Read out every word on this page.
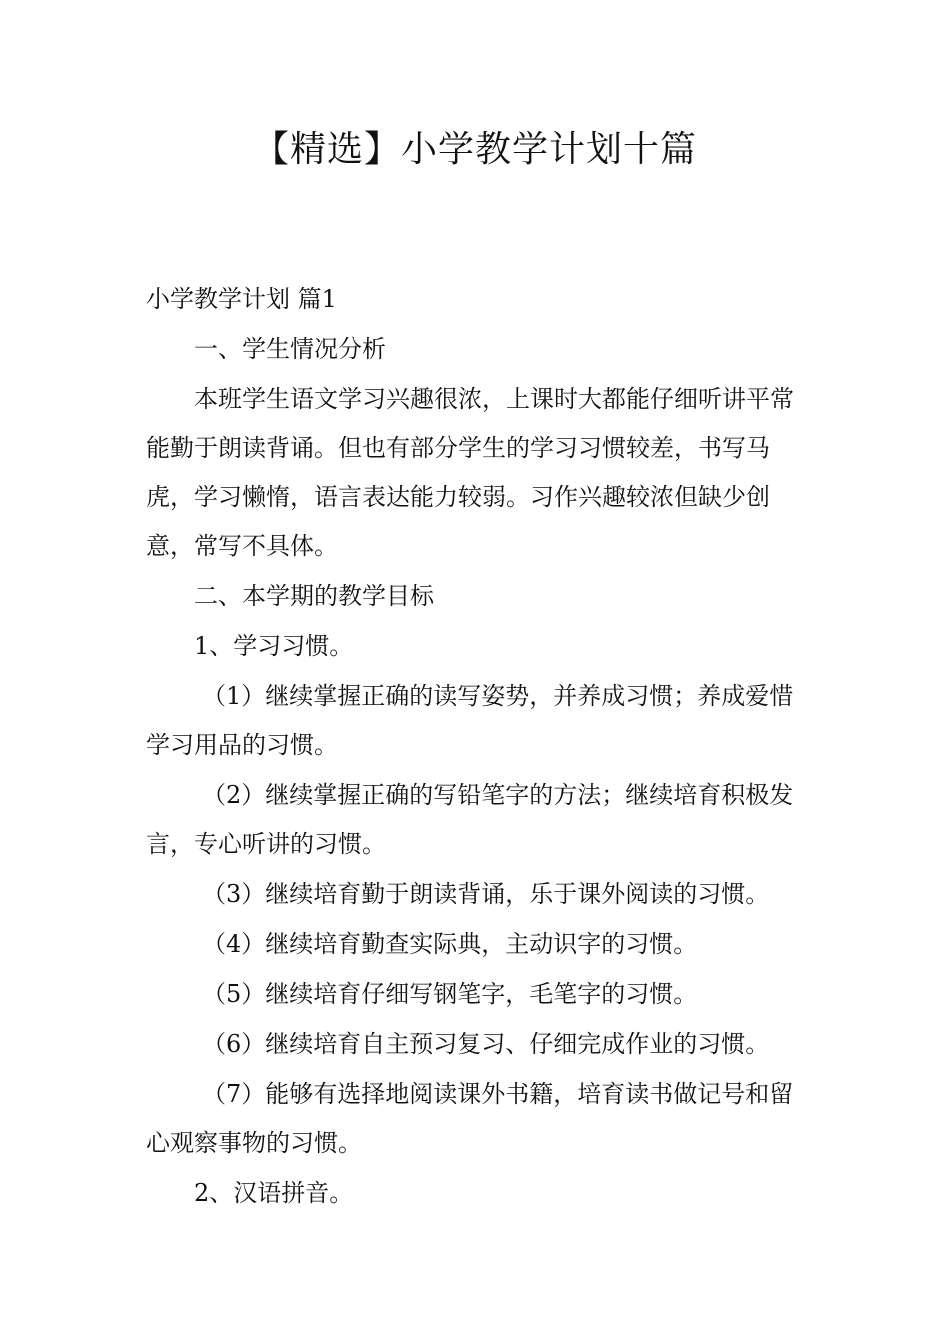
【精选】小学教学计划十篇

小学教学计划 篇1

一、学生情况分析

本班学生语文学习兴趣很浓，上课时大都能仔细听讲平常能勤于朗读背诵。但也有部分学生的学习习惯较差，书写马虎，学习懒惰，语言表达能力较弱。习作兴趣较浓但缺少创意，常写不具体。

二、本学期的教学目标

1、学习习惯。

（1）继续掌握正确的读写姿势，并养成习惯；养成爱惜学习用品的习惯。

（2）继续掌握正确的写铅笔字的方法；继续培育积极发言，专心听讲的习惯。

（3）继续培育勤于朗读背诵，乐于课外阅读的习惯。

（4）继续培育勤查实际典，主动识字的习惯。

（5）继续培育仔细写钢笔字，毛笔字的习惯。

（6）继续培育自主预习复习、仔细完成作业的习惯。

（7）能够有选择地阅读课外书籍，培育读书做记号和留心观察事物的习惯。

2、汉语拼音。
